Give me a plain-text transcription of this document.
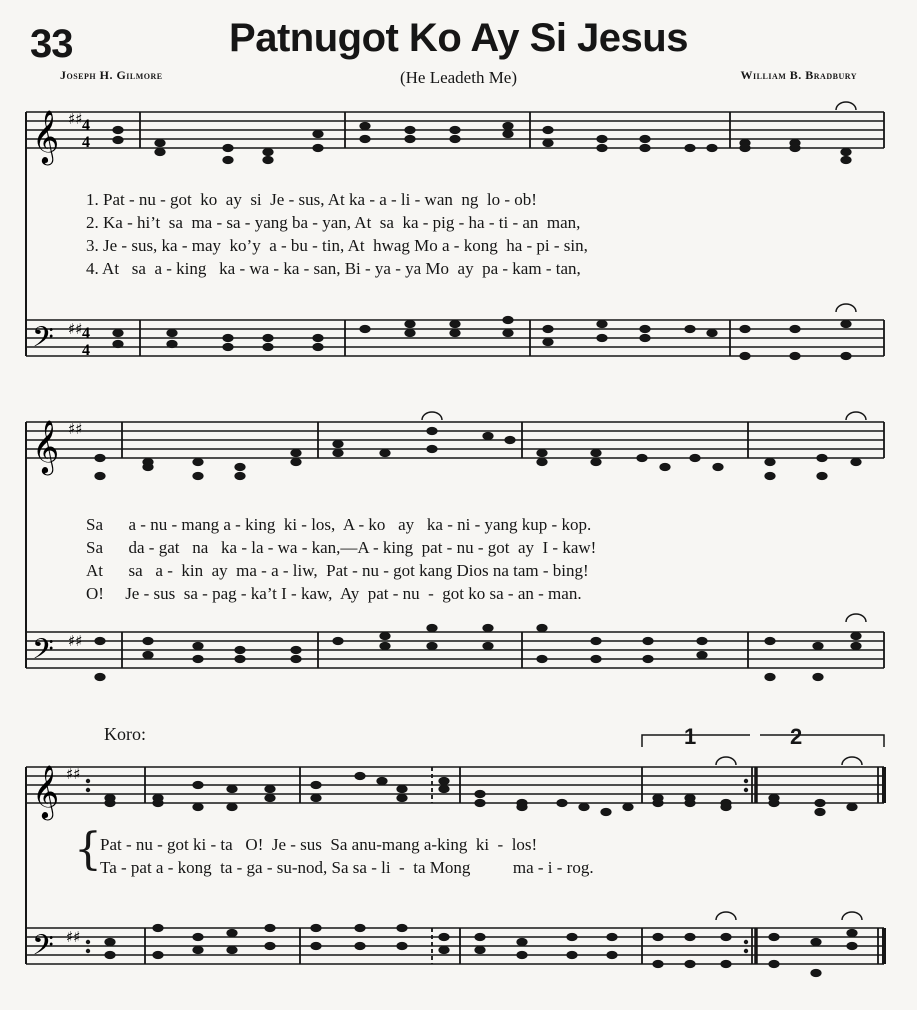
33	Patnugot Ko Ay Si Jesus
Joseph H. Gilmore	(He Leadeth Me)	William B. Bradbury
𝄞 ♯♯ 4
4
𝄢 ♯♯ 4
4
1. Pat - nu - got  ko  ay  si  Je - sus, At ka - a - li - wan  ng  lo - ob!
2. Ka - hi’t  sa  ma - sa - yang ba - yan, At  sa  ka - pig - ha - ti - an  man,
3. Je - sus, ka - may  ko’y  a - bu - tin, At  hwag Mo a - kong  ha - pi - sin,
4. At   sa  a - king   ka - wa - ka - san, Bi - ya - ya Mo  ay  pa - kam - tan,
𝄞 ♯♯
𝄢 ♯♯
Sa      a - nu - mang a - king  ki - los,  A - ko   ay   ka - ni - yang kup - kop.
Sa      da - gat   na   ka - la - wa - kan,—A - king  pat - nu - got  ay  I - kaw!
At      sa   a -  kin  ay  ma - a - liw,  Pat - nu - got kang Dios na tam - bing!
O!     Je - sus  sa - pag - ka’t I - kaw,  Ay  pat - nu  -  got ko sa - an - man.
Koro:	1	2
𝄞 ♯♯
𝄢 ♯♯
{
Pat - nu - got ki - ta   O!  Je - sus  Sa anu-mang a-king  ki  -  los!
Ta - pat a - kong  ta - ga - su-nod, Sa sa - li  -  ta Mong          ma - i - rog.
